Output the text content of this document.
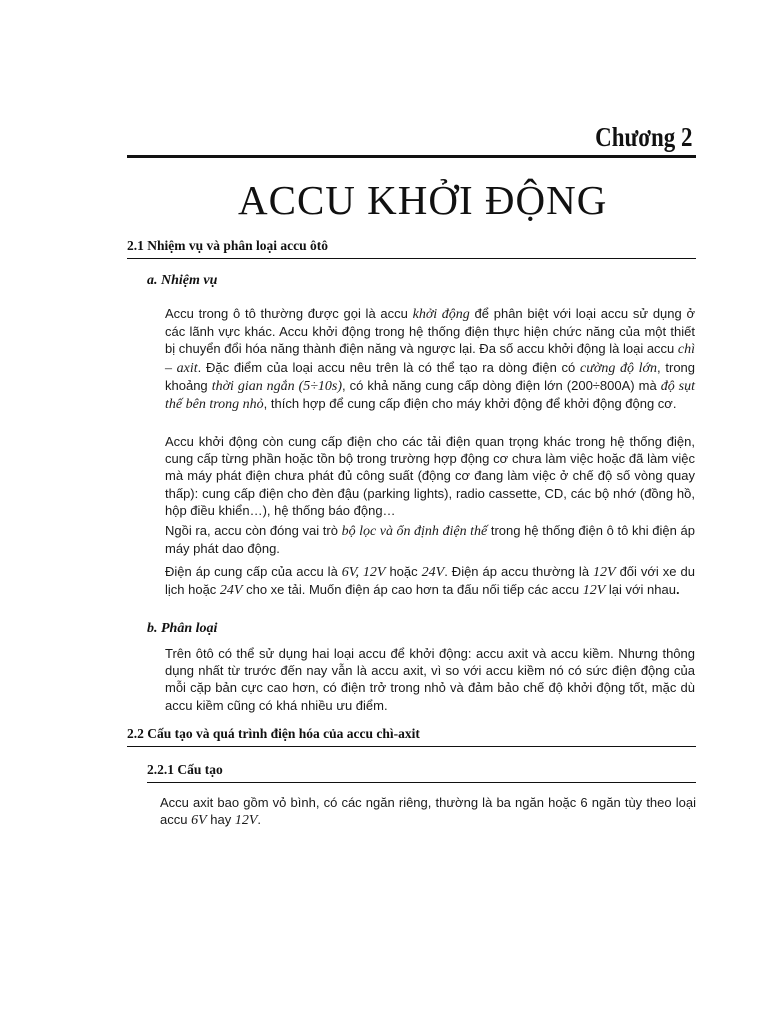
Chương 2
ACCU KHỞI ĐỘNG
2.1 Nhiệm vụ và phân loại accu ôtô
a. Nhiệm vụ
Accu trong ô tô thường được gọi là accu khởi động để phân biệt với loại accu sử dụng ở các lãnh vực khác. Accu khởi động trong hệ thống điện thực hiện chức năng của một thiết bị chuyển đổi hóa năng thành điện năng và ngược lại. Đa số accu khởi động là loại accu chì – axit. Đặc điểm của loại accu nêu trên là có thể tạo ra dòng điện có cường độ lớn, trong khoảng thời gian ngắn (5÷10s), có khả năng cung cấp dòng điện lớn (200÷800A) mà độ sụt thế bên trong nhỏ, thích hợp để cung cấp điện cho máy khởi động để khởi động động cơ.
Accu khởi động còn cung cấp điện cho các tải điện quan trọng khác trong hệ thống điện, cung cấp từng phần hoặc tồn bộ trong trường hợp động cơ chưa làm việc hoặc đã làm việc mà máy phát điện chưa phát đủ công suất (động cơ đang làm việc ở chế độ số vòng quay thấp): cung cấp điện cho đèn đậu (parking lights), radio cassette, CD, các bộ nhớ (đồng hồ, hộp điều khiển…), hệ thống báo động…
Ngồi ra, accu còn đóng vai trò bộ lọc và ổn định điện thế trong hệ thống điện ô tô khi điện áp máy phát dao động.
Điện áp cung cấp của accu là 6V, 12V hoặc 24V. Điện áp accu thường là 12V đối với xe du lịch hoặc 24V cho xe tải. Muốn điện áp cao hơn ta đấu nối tiếp các accu 12V lại với nhau.
b. Phân loại
Trên ôtô có thể sử dụng hai loại accu để khởi động: accu axit và accu kiềm. Nhưng thông dụng nhất từ trước đến nay vẫn là accu axit, vì so với accu kiềm nó có sức điện động của mỗi cặp bản cực cao hơn, có điện trở trong nhỏ và đảm bảo chế độ khởi động tốt, mặc dù accu kiềm cũng có khá nhiều ưu điểm.
2.2 Cấu tạo và quá trình điện hóa của accu chì-axit
2.2.1 Cấu tạo
Accu axit bao gồm vỏ bình, có các ngăn riêng, thường là ba ngăn hoặc 6 ngăn tùy theo loại accu 6V hay 12V.
